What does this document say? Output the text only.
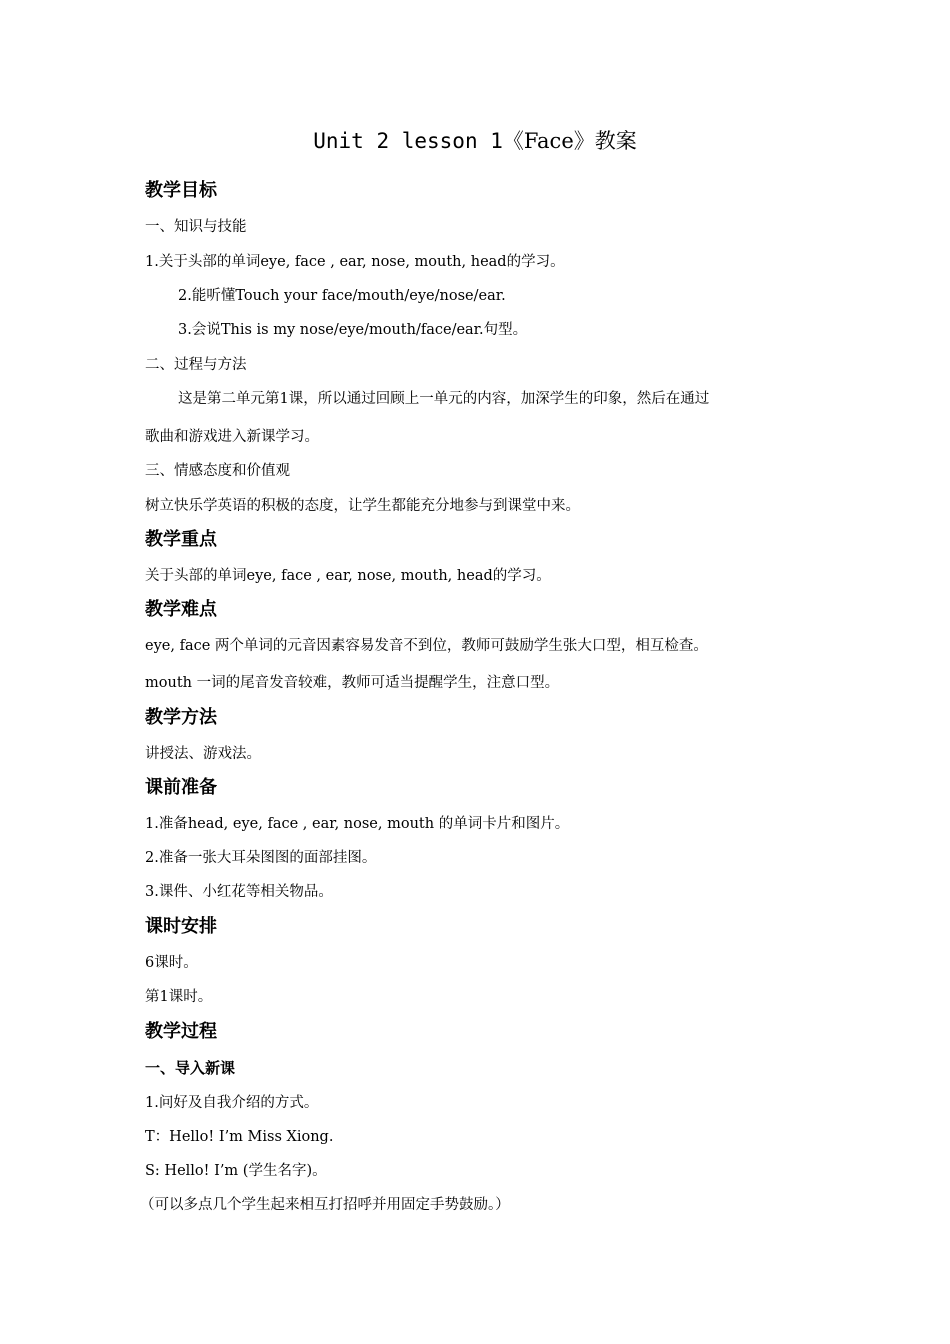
Unit 2 lesson 1《Face》教案
教学目标
一、知识与技能
1.关于头部的单词eye, face , ear, nose, mouth, head的学习。
2.能听懂Touch your face/mouth/eye/nose/ear.
3.会说This is my nose/eye/mouth/face/ear.句型。
二、过程与方法
这是第二单元第1课，所以通过回顾上一单元的内容，加深学生的印象，然后在通过
歌曲和游戏进入新课学习。
三、情感态度和价值观
树立快乐学英语的积极的态度，让学生都能充分地参与到课堂中来。
教学重点
关于头部的单词eye, face , ear, nose, mouth, head的学习。
教学难点
eye, face 两个单词的元音因素容易发音不到位，教师可鼓励学生张大口型，相互检查。
mouth 一词的尾音发音较难，教师可适当提醒学生，注意口型。
教学方法
讲授法、游戏法。
课前准备
1.准备head, eye, face , ear, nose, mouth 的单词卡片和图片。
2.准备一张大耳朵图图的面部挂图。
3.课件、小红花等相关物品。
课时安排
6课时。
第1课时。
教学过程
一、导入新课
1.问好及自我介绍的方式。
T：Hello! I’m Miss Xiong.
S: Hello! I’m (学生名字)。
（可以多点几个学生起来相互打招呼并用固定手势鼓励。）
